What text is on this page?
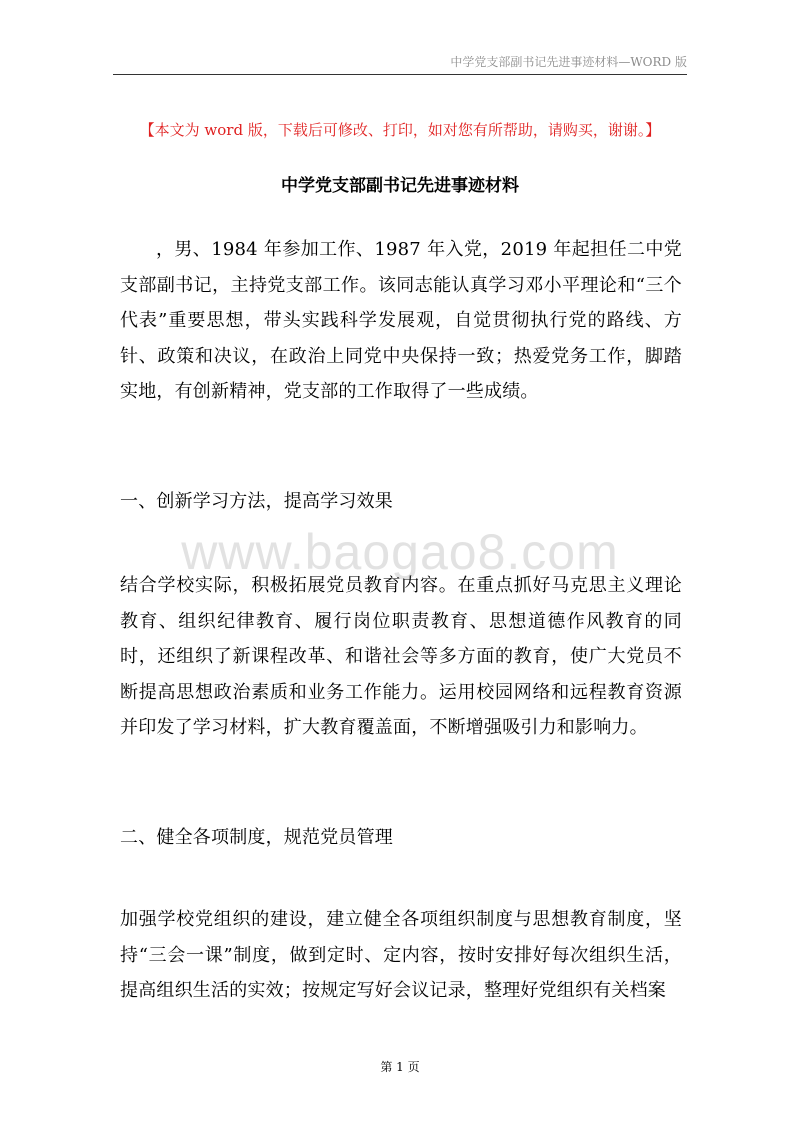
中学党支部副书记先进事迹材料—WORD 版
【本文为 word 版，下载后可修改、打印，如对您有所帮助，请购买，谢谢。】
中学党支部副书记先进事迹材料
，男、1984 年参加工作、1987 年入党，2019 年起担任二中党支部副书记，主持党支部工作。该同志能认真学习邓小平理论和“三个代表”重要思想，带头实践科学发展观，自觉贯彻执行党的路线、方针、政策和决议，在政治上同党中央保持一致；热爱党务工作，脚踏实地，有创新精神，党支部的工作取得了一些成绩。
一、创新学习方法，提高学习效果
www.baogao8.com
结合学校实际，积极拓展党员教育内容。在重点抓好马克思主义理论教育、组织纪律教育、履行岗位职责教育、思想道德作风教育的同时，还组织了新课程改革、和谐社会等多方面的教育，使广大党员不断提高思想政治素质和业务工作能力。运用校园网络和远程教育资源并印发了学习材料，扩大教育覆盖面，不断增强吸引力和影响力。
二、健全各项制度，规范党员管理
加强学校党组织的建设，建立健全各项组织制度与思想教育制度，坚持“三会一课”制度，做到定时、定内容，按时安排好每次组织生活，提高组织生活的实效；按规定写好会议记录，整理好党组织有关档案
第 1 页
